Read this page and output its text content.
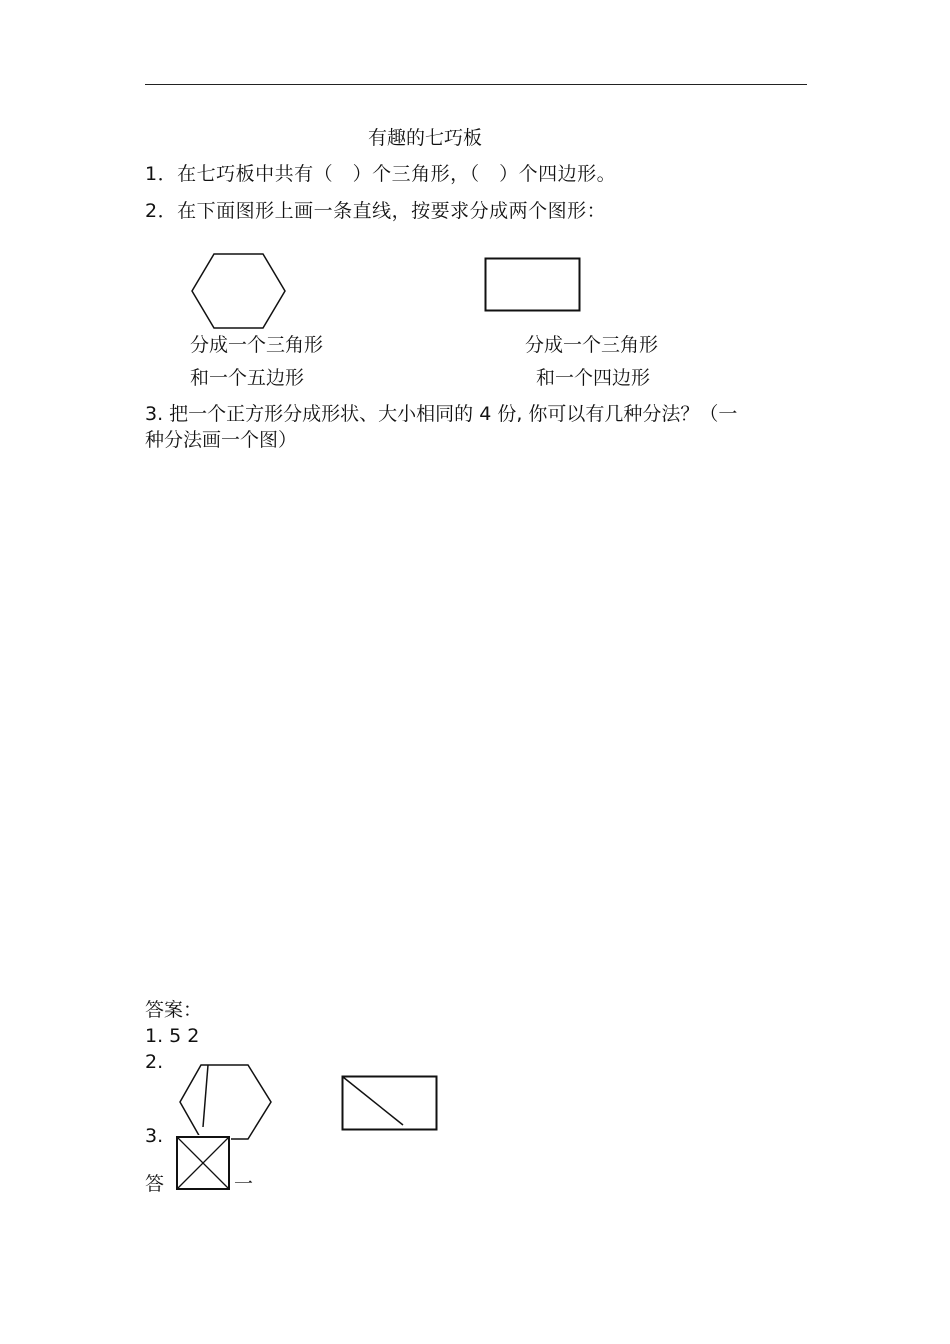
有趣的七巧板
1．在七巧板中共有（　）个三角形，（　）个四边形。
2．在下面图形上画一条直线，按要求分成两个图形：
分成一个三角形
和一个五边形
分成一个三角形
和一个四边形
3. 把一个正方形分成形状、大小相同的 4 份, 你可以有几种分法？（一
种分法画一个图）
答案：
1. 5 2
2.
3.
答	一
